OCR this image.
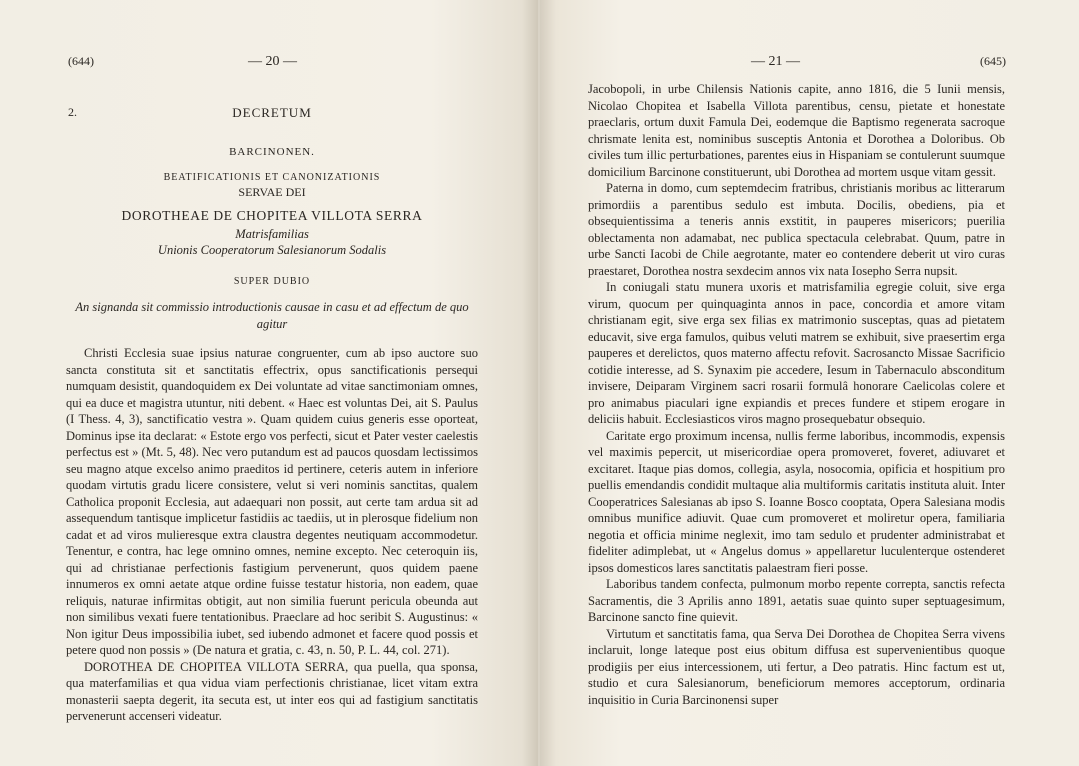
(644)	— 20 —
2.	DECRETUM
BARCINONEN.
BEATIFICATIONIS ET CANONIZATIONIS
SERVAE DEI
DOROTHEAE DE CHOPITEA VILLOTA SERRA
Matrisfamilias
Unionis Cooperatorum Salesianorum Sodalis
SUPER DUBIO
An signanda sit commissio introductionis causae in casu et ad effectum de quo agitur

Christi Ecclesia suae ipsius naturae congruenter, cum ab ipso auctore suo sancta constituta sit et sanctitatis effectrix, opus sanctificationis persequi numquam desistit, quandoquidem ex Dei voluntate ad vitae sanctimoniam omnes, qui ea duce et magistra utuntur, niti debent. « Haec est voluntas Dei, ait S. Paulus (I Thess. 4, 3), sanctificatio vestra ». Quam quidem cuius generis esse oporteat, Dominus ipse ita declarat: « Estote ergo vos perfecti, sicut et Pater vester caelestis perfectus est » (Mt. 5, 48). Nec vero putandum est ad paucos quosdam lectissimos seu magno atque excelso animo praeditos id pertinere, ceteris autem in inferiore quodam virtutis gradu licere consistere, velut si veri nominis sanctitas, qualem Catholica proponit Ecclesia, aut adaequari non possit, aut certe tam ardua sit ad assequendum tantisque implicetur fastidiis ac taediis, ut in plerosque fidelium non cadat et ad viros mulieresque extra claustra degentes neutiquam accommodetur. Tenentur, e contra, hac lege omnino omnes, nemine excepto. Nec ceteroquin iis, qui ad christianae perfectionis fastigium pervenerunt, quos quidem paene innumeros ex omni aetate atque ordine fuisse testatur historia, non eadem, quae reliquis, naturae infirmitas obtigit, aut non similia fuerunt pericula obeunda aut non similibus vexati fuere tentationibus. Praeclare ad hoc seribit S. Augustinus: « Non igitur Deus impossibilia iubet, sed iubendo admonet et facere quod possis et petere quod non possis » (De natura et gratia, c. 43, n. 50, P. L. 44, col. 271).

DOROTHEA DE CHOPITEA VILLOTA SERRA, qua puella, qua sponsa, qua materfamilias et qua vidua viam perfectionis christianae, licet vitam extra monasterii saepta degerit, ita secuta est, ut inter eos qui ad fastigium sanctitatis pervenerunt accenseri videatur.

— 21 —	(645)

Jacobopoli, in urbe Chilensis Nationis capite, anno 1816, die 5 Iunii mensis, Nicolao Chopitea et Isabella Villota parentibus, censu, pietate et honestate praeclaris, ortum duxit Famula Dei, eodemque die Baptismo regenerata sacroque chrismate lenita est, nominibus susceptis Antonia et Dorothea a Doloribus. Ob civiles tum illic perturbationes, parentes eius in Hispaniam se contulerunt suumque domicilium Barcinone constituerunt, ubi Dorothea ad mortem usque vitam gessit.

Paterna in domo, cum septemdecim fratribus, christianis moribus ac litterarum primordiis a parentibus sedulo est imbuta. Docilis, obediens, pia et obsequientissima a teneris annis exstitit, in pauperes misericors; puerilia oblectamenta non adamabat, nec publica spectacula celebrabat. Quum, patre in urbe Sancti Iacobi de Chile aegrotante, mater eo contendere deberit ut viro curas praestaret, Dorothea nostra sexdecim annos vix nata Iosepho Serra nupsit.

In coniugali statu munera uxoris et matrisfamilia egregie coluit, sive erga virum, quocum per quinquaginta annos in pace, concordia et amore vitam christianam egit, sive erga sex filias ex matrimonio susceptas, quas ad pietatem educavit, sive erga famulos, quibus veluti matrem se exhibuit, sive praesertim erga pauperes et derelictos, quos materno affectu refovit. Sacrosancto Missae Sacrificio cotidie interesse, ad S. Synaxim pie accedere, Iesum in Tabernaculo absconditum invisere, Deiparam Virginem sacri rosarii formulâ honorare Caelicolas colere et pro animabus piaculari igne expiandis et preces fundere et stipem erogare in deliciis habuit. Ecclesiasticos viros magno prosequebatur obsequio.

Caritate ergo proximum incensa, nullis ferme laboribus, incommodis, expensis vel maximis pepercit, ut misericordiae opera promoveret, foveret, adiuvaret et excitaret. Itaque pias domos, collegia, asyla, nosocomia, opificia et hospitium pro puellis emendandis condidit multaque alia multiformis caritatis instituta aluit. Inter Cooperatrices Salesianas ab ipso S. Ioanne Bosco cooptata, Opera Salesiana modis omnibus munifice adiuvit. Quae cum promoveret et moliretur opera, familiaria negotia et officia minime neglexit, imo tam sedulo et prudenter administrabat et fideliter adimplebat, ut « Angelus domus » appellaretur luculenterque ostenderet ipsos domesticos lares sanctitatis palaestram fieri posse.

Laboribus tandem confecta, pulmonum morbo repente correpta, sanctis refecta Sacramentis, die 3 Aprilis anno 1891, aetatis suae quinto super septuagesimum, Barcinone sancto fine quievit.

Virtutum et sanctitatis fama, qua Serva Dei Dorothea de Chopitea Serra vivens inclaruit, longe lateque post eius obitum diffusa est supervenientibus quoque prodigiis per eius intercessionem, uti fertur, a Deo patratis. Hinc factum est ut, studio et cura Salesianorum, beneficiorum memores acceptorum, ordinaria inquisitio in Curia Barcinonensi super
